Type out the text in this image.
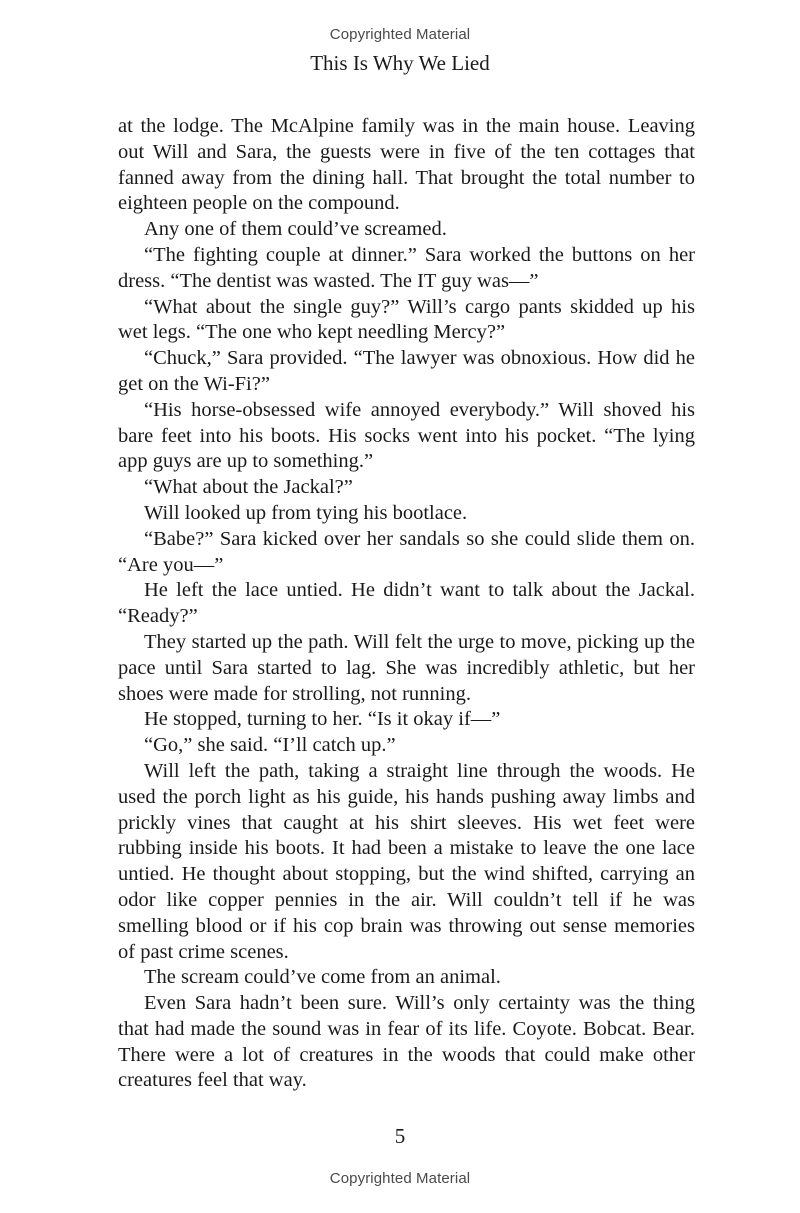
Copyrighted Material
This Is Why We Lied

at the lodge. The McAlpine family was in the main house. Leaving out Will and Sara, the guests were in five of the ten cottages that fanned away from the dining hall. That brought the total number to eighteen people on the compound.

Any one of them could’ve screamed.

“The fighting couple at dinner.” Sara worked the buttons on her dress. “The dentist was wasted. The IT guy was—”

“What about the single guy?” Will’s cargo pants skidded up his wet legs. “The one who kept needling Mercy?”

“Chuck,” Sara provided. “The lawyer was obnoxious. How did he get on the Wi-Fi?”

“His horse-obsessed wife annoyed everybody.” Will shoved his bare feet into his boots. His socks went into his pocket. “The lying app guys are up to something.”

“What about the Jackal?”

Will looked up from tying his bootlace.

“Babe?” Sara kicked over her sandals so she could slide them on. “Are you—”

He left the lace untied. He didn’t want to talk about the Jackal. “Ready?”

They started up the path. Will felt the urge to move, picking up the pace until Sara started to lag. She was incredibly athletic, but her shoes were made for strolling, not running.

He stopped, turning to her. “Is it okay if—”

“Go,” she said. “I’ll catch up.”

Will left the path, taking a straight line through the woods. He used the porch light as his guide, his hands pushing away limbs and prickly vines that caught at his shirt sleeves. His wet feet were rubbing inside his boots. It had been a mistake to leave the one lace untied. He thought about stopping, but the wind shifted, carrying an odor like copper pennies in the air. Will couldn’t tell if he was smelling blood or if his cop brain was throwing out sense memories of past crime scenes.

The scream could’ve come from an animal.

Even Sara hadn’t been sure. Will’s only certainty was the thing that had made the sound was in fear of its life. Coyote. Bobcat. Bear. There were a lot of creatures in the woods that could make other creatures feel that way.

5
Copyrighted Material
